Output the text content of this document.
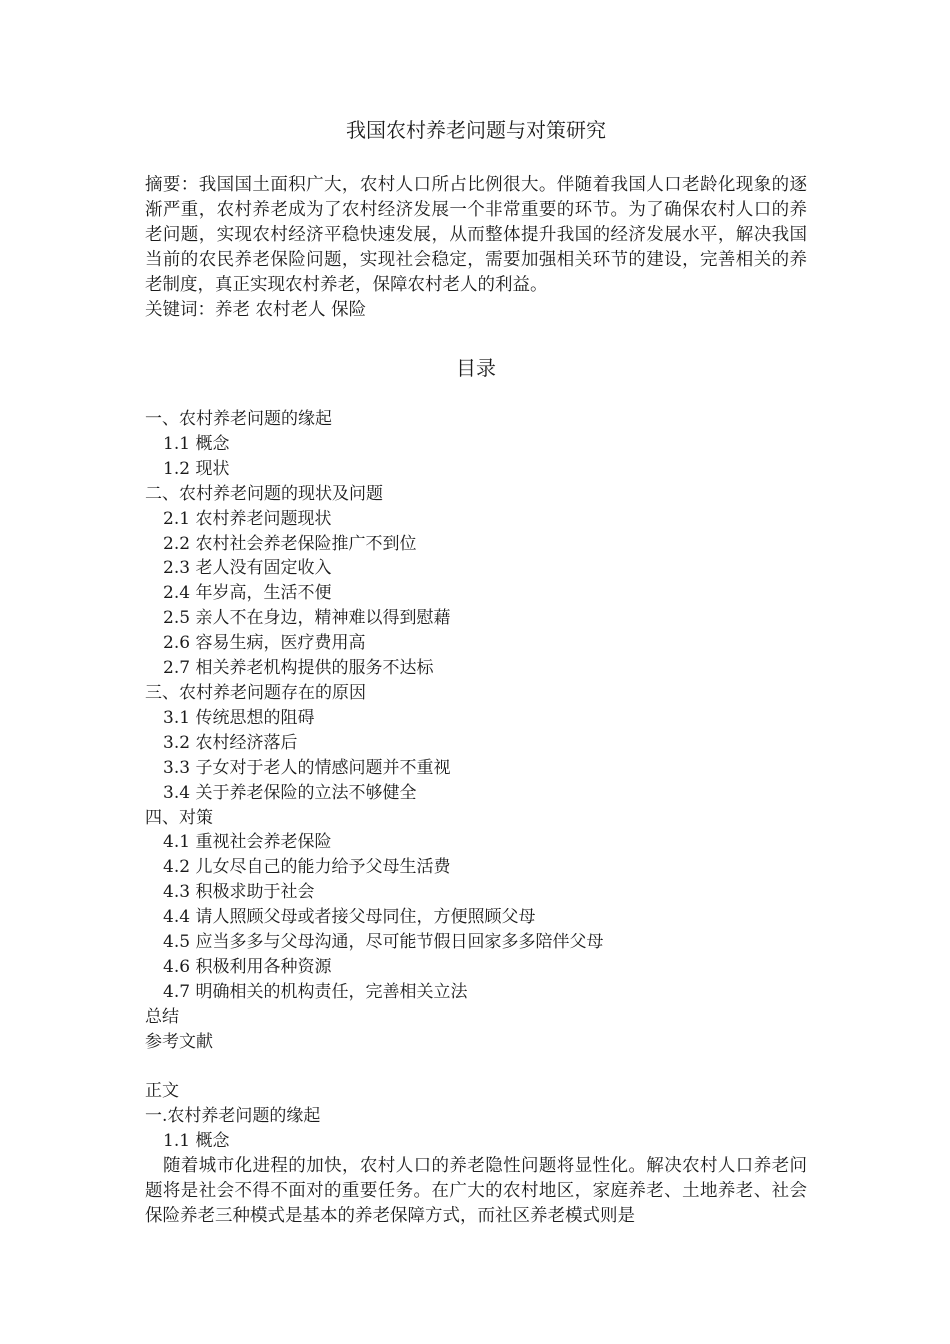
我国农村养老问题与对策研究

摘要：我国国土面积广大，农村人口所占比例很大。伴随着我国人口老龄化现象的逐渐严重，农村养老成为了农村经济发展一个非常重要的环节。为了确保农村人口的养老问题，实现农村经济平稳快速发展，从而整体提升我国的经济发展水平，解决我国当前的农民养老保险问题，实现社会稳定，需要加强相关环节的建设，完善相关的养老制度，真正实现农村养老，保障农村老人的利益。

关键词：养老 农村老人 保险

目录
一、农村养老问题的缘起
1.1 概念
1.2 现状
二、农村养老问题的现状及问题
2.1 农村养老问题现状
2.2 农村社会养老保险推广不到位
2.3 老人没有固定收入
2.4 年岁高，生活不便
2.5 亲人不在身边，精神难以得到慰藉
2.6 容易生病，医疗费用高
2.7 相关养老机构提供的服务不达标
三、农村养老问题存在的原因
3.1 传统思想的阻碍
3.2 农村经济落后
3.3 子女对于老人的情感问题并不重视
3.4 关于养老保险的立法不够健全
四、对策
4.1 重视社会养老保险
4.2 儿女尽自己的能力给予父母生活费
4.3 积极求助于社会
4.4 请人照顾父母或者接父母同住，方便照顾父母
4.5 应当多多与父母沟通，尽可能节假日回家多多陪伴父母
4.6 积极利用各种资源
4.7 明确相关的机构责任，完善相关立法
总结
参考文献
正文
一.农村养老问题的缘起
1.1 概念

随着城市化进程的加快，农村人口的养老隐性问题将显性化。解决农村人口养老问题将是社会不得不面对的重要任务。在广大的农村地区，家庭养老、土地养老、社会保险养老三种模式是基本的养老保障方式，而社区养老模式则是
